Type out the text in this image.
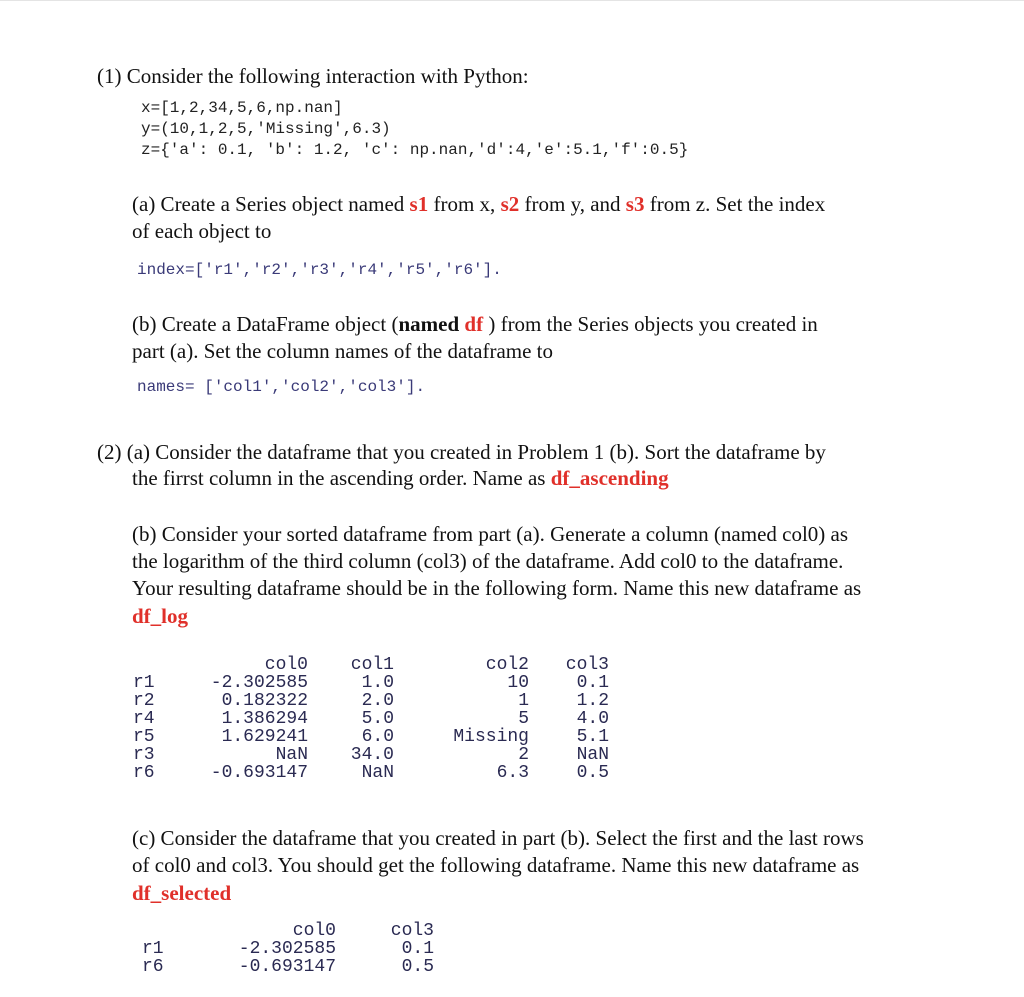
(1) Consider the following interaction with Python:
x=[1,2,34,5,6,np.nan]
y=(10,1,2,5,'Missing',6.3)
z={'a': 0.1, 'b': 1.2, 'c': np.nan,'d':4,'e':5.1,'f':0.5}
(a) Create a Series object named s1 from x, s2 from y, and s3 from z. Set the index
of each object to
index=['r1','r2','r3','r4','r5','r6'].
(b) Create a DataFrame object (named df ) from the Series objects you created in
part (a). Set the column names of the dataframe to
names= ['col1','col2','col3'].
(2) (a) Consider the dataframe that you created in Problem 1 (b). Sort the dataframe by
the firrst column in the ascending order. Name as df_ascending
(b) Consider your sorted dataframe from part (a). Generate a column (named col0) as
the logarithm of the third column (col3) of the dataframe. Add col0 to the dataframe.
Your resulting dataframe should be in the following form. Name this new dataframe as
df_log
	col0	col1	col2	col3
r1	-2.302585	1.0	10	0.1
r2	0.182322	2.0	1	1.2
r4	1.386294	5.0	5	4.0
r5	1.629241	6.0	Missing	5.1
r3	NaN	34.0	2	NaN
r6	-0.693147	NaN	6.3	0.5
(c) Consider the dataframe that you created in part (b). Select the first and the last rows
of col0 and col3. You should get the following dataframe. Name this new dataframe as
df_selected
	col0	col3
r1	-2.302585	0.1
r6	-0.693147	0.5
